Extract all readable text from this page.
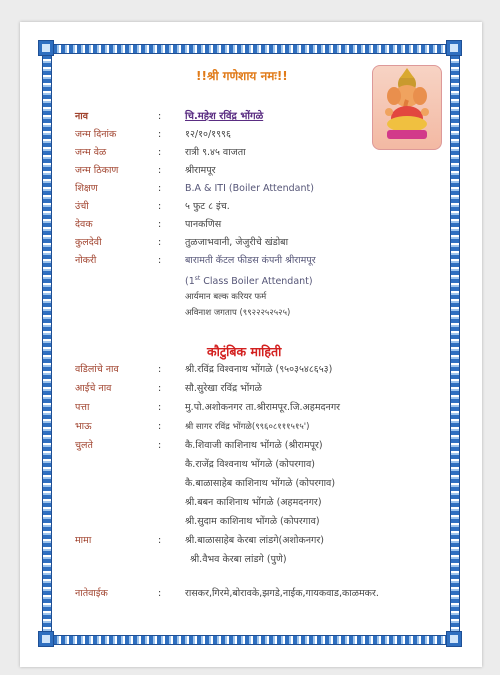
!!श्री गणेशाय नमः!!
नाव	: चि.महेश रविंद्र भोंगळे
जन्म दिनांक	:	१२/१०/१९९६
जन्म वेळ	:	रात्री ९.४५ वाजता
जन्म ठिकाण	:	श्रीरामपूर
शिक्षण	:	B.A & ITI (Boiler Attendant)
उंची	:	५ फुट ८ इंच.
देवक	:	पानकणिस
कुलदेवी	:	तुळजाभवानी, जेजुरीचे खंडोबा
नोकरी	:	बारामती कॅटल फीडस कंपनी श्रीरामपूर
(1st Class Boiler Attendant)
आर्यमान बल्क करियर फर्म
अविनाश जगताप (९९२२२५२५२५)
कौटुंबिक माहिती
वडिलांचे नाव	:	श्री.रविंद्र विश्वनाथ भोंगळे (९५०३५४८६५३)
आईचे नाव	:	सौ.सुरेखा रविंद्र भोंगळे
पत्ता	:	मु.पो.अशोकनगर ता.श्रीरामपूर.जि.अहमदनगर
भाऊ	:	श्री सागर रविंद्र भोंगळे(९९६०८१११५१५')
चुलते	:	कै.शिवाजी काशिनाथ भोंगळे (श्रीरामपूर)
कै.राजेंद्र विश्वनाथ भोंगळे (कोपरगाव)
कै.बाळासाहेब काशिनाथ भोंगळे (कोपरगाव)
श्री.बबन काशिनाथ भोंगळे (अहमदनगर)
श्री.सुदाम काशिनाथ भोंगळे (कोपरगाव)
मामा	:	श्री.बाळासाहेब केरबा लांडगे(अशोकनगर)
श्री.वैभव केरबा लांडगे (पुणे)
नातेवाईक	:	रासकर,गिरमे,बोरावके,झगडे,नाईक,गायकवाड,काळमकर.
